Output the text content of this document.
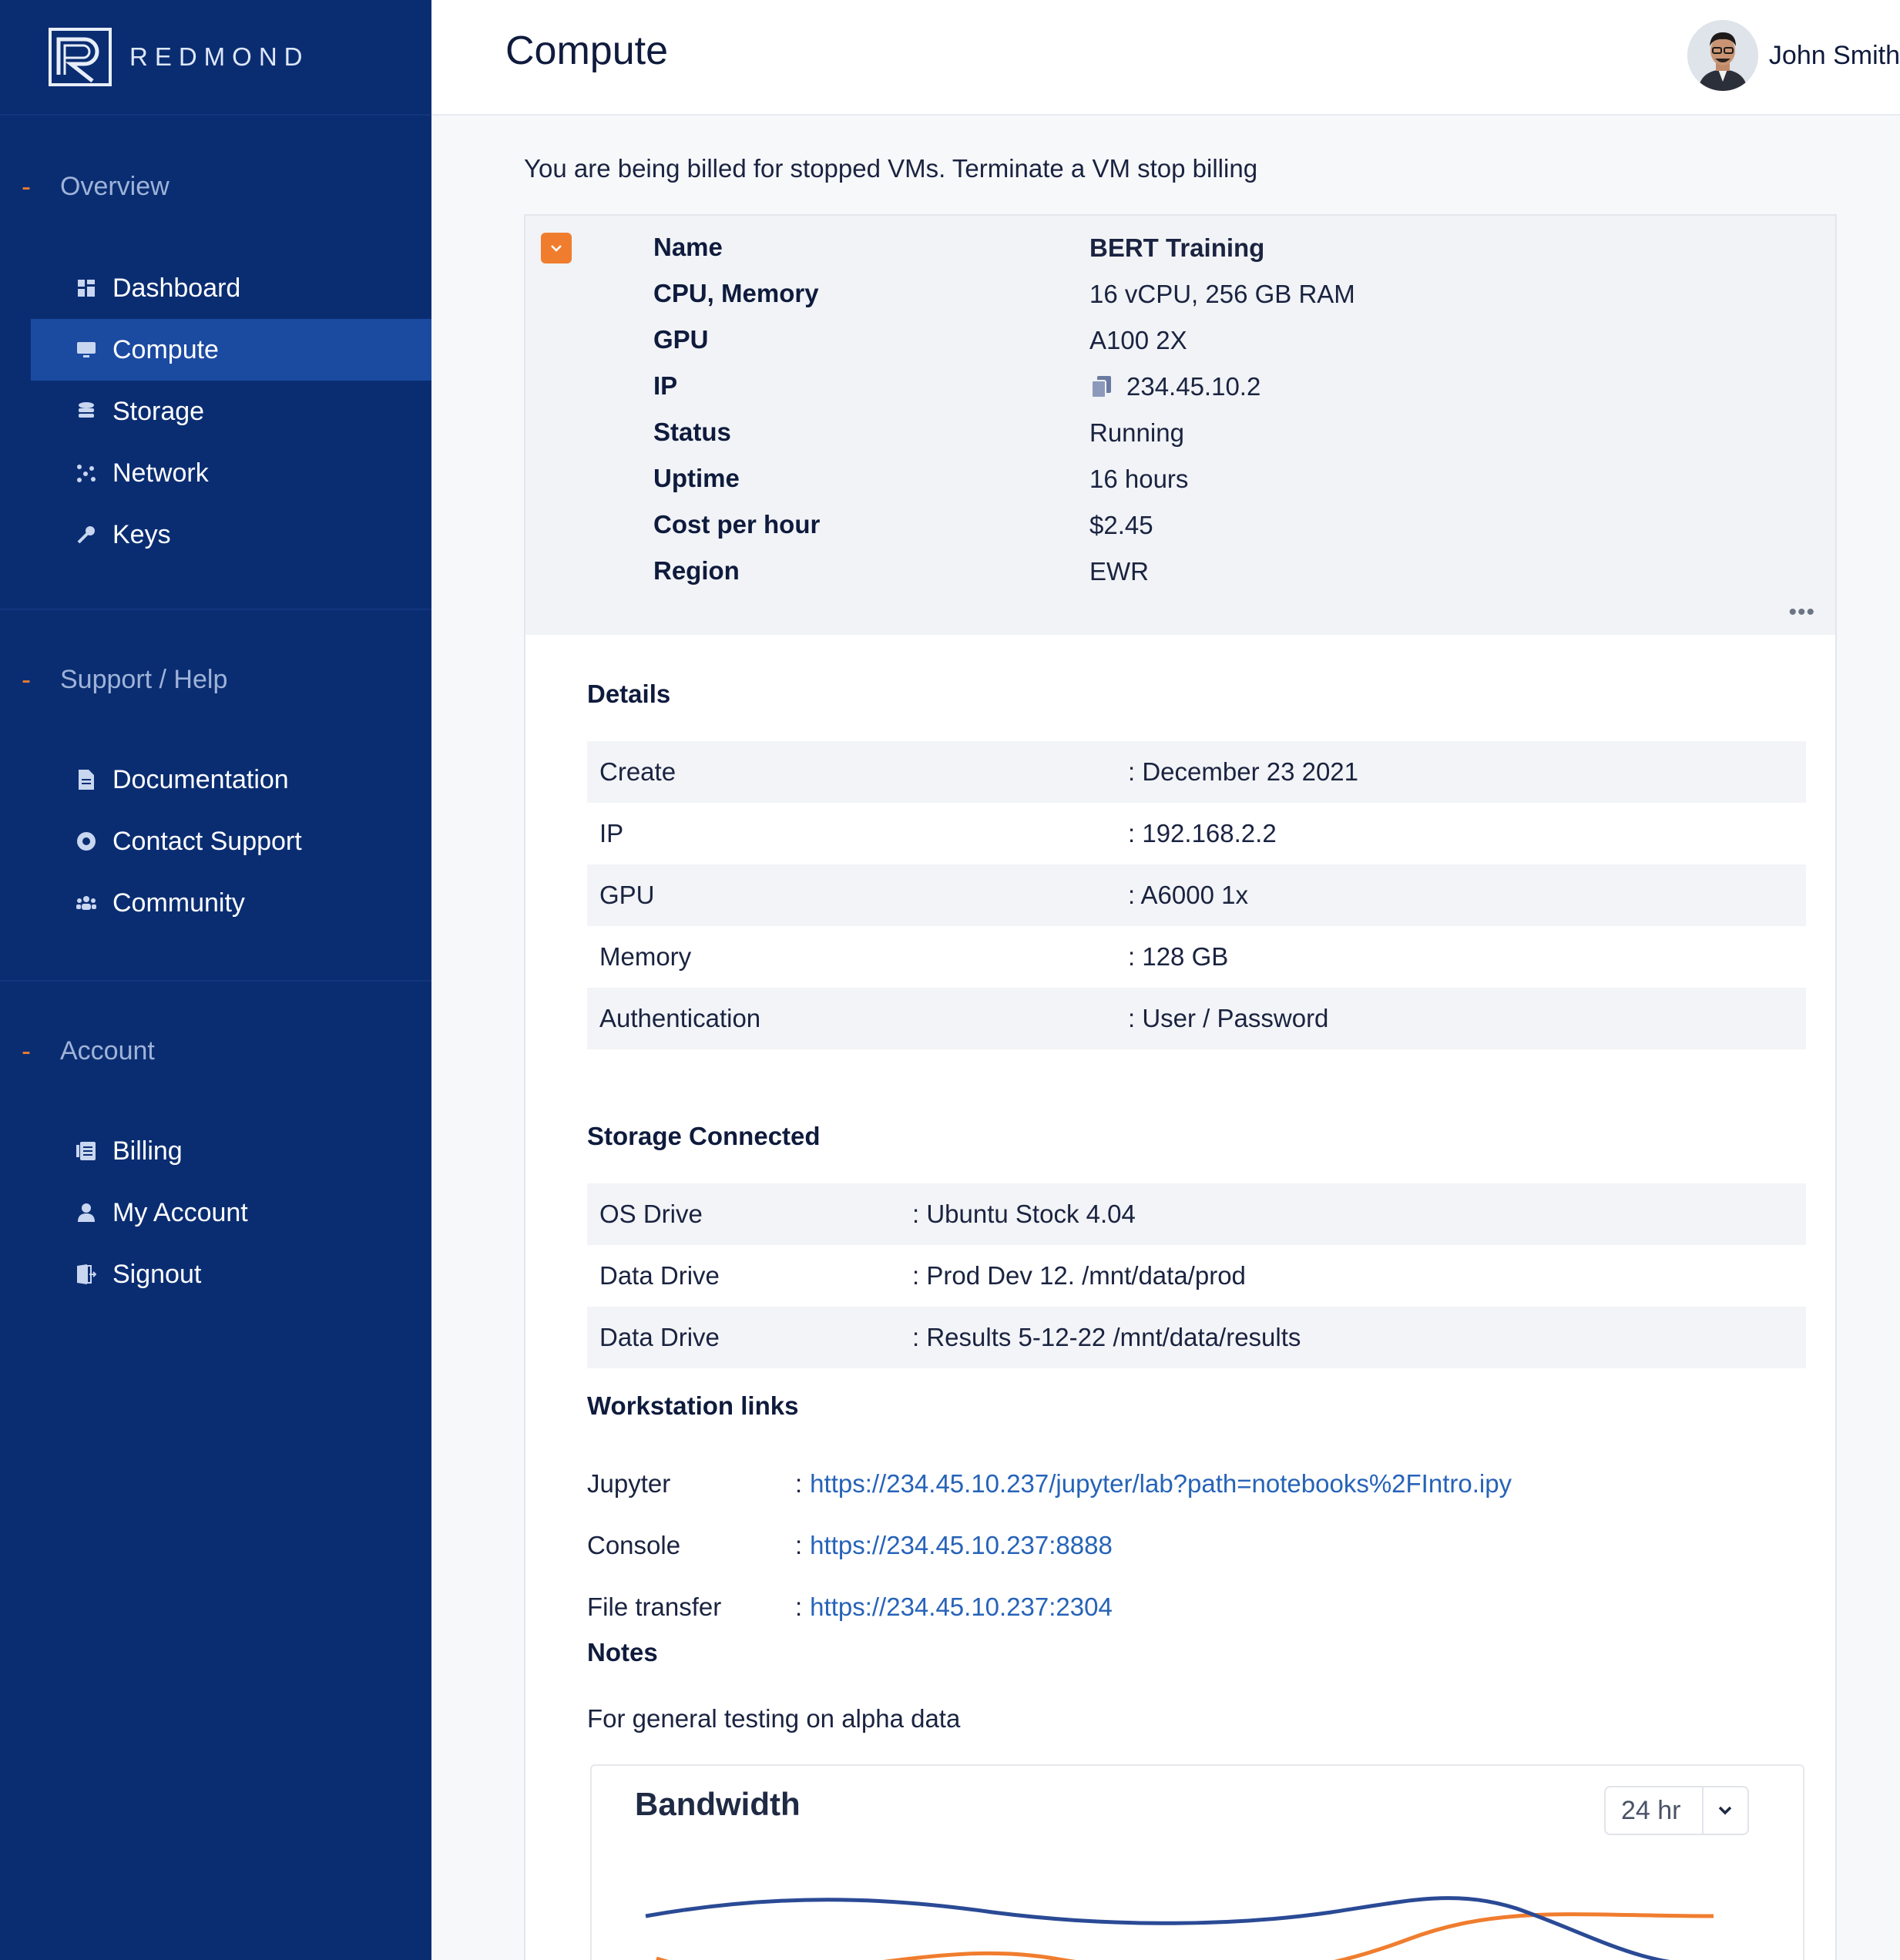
REDMOND
- Overview
Dashboard
Compute
Storage
Network
Keys
- Support / Help
Documentation
Contact Support
Community
- Account
Billing
My Account
Signout
Compute	John Smith
You are being billed for stopped VMs. Terminate a VM stop billing
Name	BERT Training
CPU, Memory	16 vCPU, 256 GB RAM
GPU	A100 2X
IP	234.45.10.2
Status	Running
Uptime	16 hours
Cost per hour	$2.45
Region	EWR
•••
Details
Create	: December 23 2021
IP	: 192.168.2.2
GPU	: A6000 1x
Memory	: 128 GB
Authentication	: User / Password
Storage Connected
OS Drive	: Ubuntu Stock 4.04
Data Drive	: Prod Dev 12. /mnt/data/prod
Data Drive	: Results 5-12-22 /mnt/data/results
Workstation links
Jupyter	: https://234.45.10.237/jupyter/lab?path=notebooks%2FIntro.ipy
Console	: https://234.45.10.237:8888
File transfer	: https://234.45.10.237:2304
Notes
For general testing on alpha data
Bandwidth	24 hr
